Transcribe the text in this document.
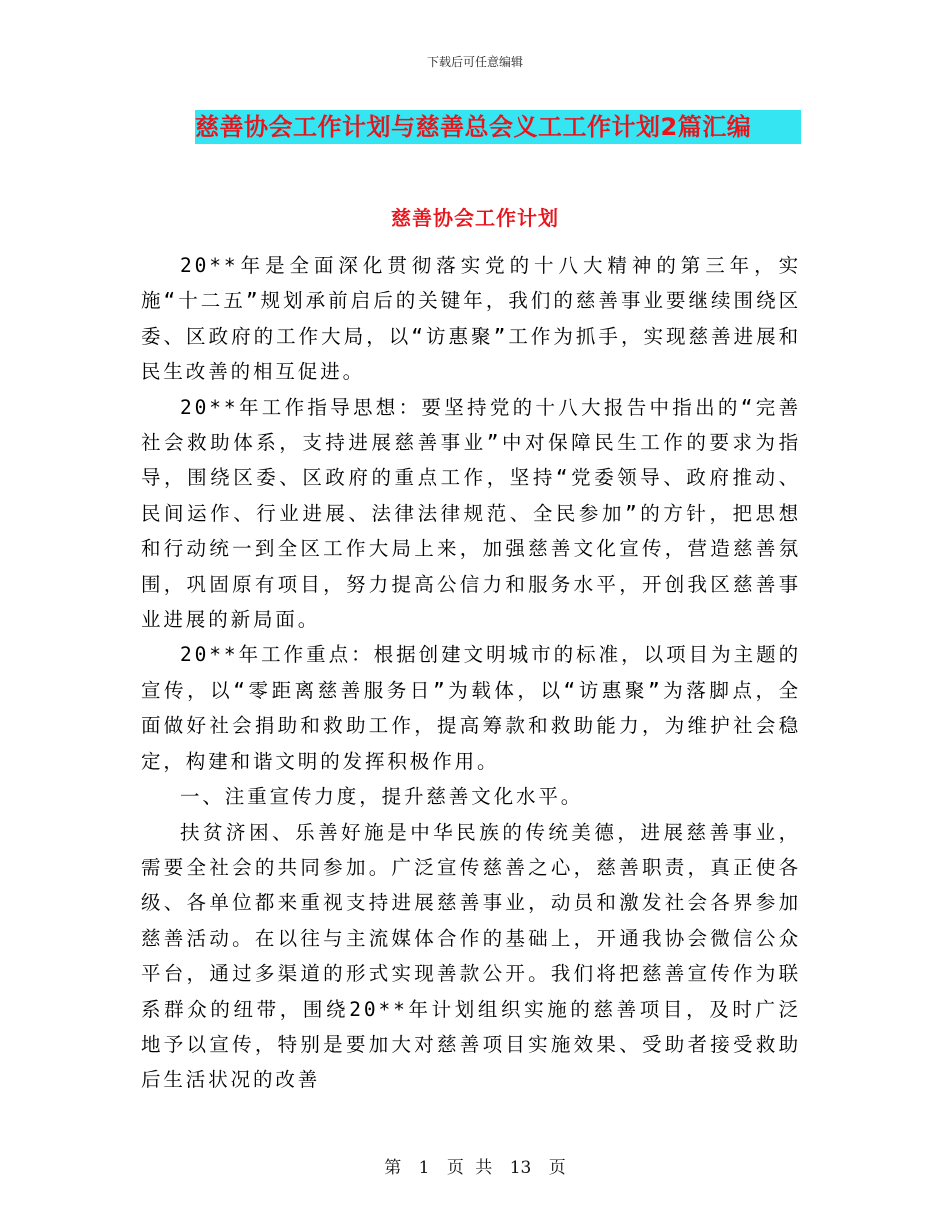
下载后可任意编辑
慈善协会工作计划与慈善总会义工工作计划2篇汇编
慈善协会工作计划

20**年是全面深化贯彻落实党的十八大精神的第三年，实施“十二五”规划承前启后的关键年，我们的慈善事业要继续围绕区委、区政府的工作大局，以“访惠聚”工作为抓手，实现慈善进展和民生改善的相互促进。

20**年工作指导思想：要坚持党的十八大报告中指出的“完善社会救助体系，支持进展慈善事业”中对保障民生工作的要求为指导，围绕区委、区政府的重点工作，坚持“党委领导、政府推动、民间运作、行业进展、法律法律规范、全民参加”的方针，把思想和行动统一到全区工作大局上来，加强慈善文化宣传，营造慈善氛围，巩固原有项目，努力提高公信力和服务水平，开创我区慈善事业进展的新局面。

20**年工作重点：根据创建文明城市的标准，以项目为主题的宣传，以“零距离慈善服务日”为载体，以“访惠聚”为落脚点，全面做好社会捐助和救助工作，提高筹款和救助能力，为维护社会稳定，构建和谐文明的发挥积极作用。

一、注重宣传力度，提升慈善文化水平。

扶贫济困、乐善好施是中华民族的传统美德，进展慈善事业，需要全社会的共同参加。广泛宣传慈善之心，慈善职责，真正使各级、各单位都来重视支持进展慈善事业，动员和激发社会各界参加慈善活动。在以往与主流媒体合作的基础上，开通我协会微信公众平台，通过多渠道的形式实现善款公开。我们将把慈善宣传作为联系群众的纽带，围绕20**年计划组织实施的慈善项目，及时广泛地予以宣传，特别是要加大对慈善项目实施效果、受助者接受救助后生活状况的改善

第 1 页 共 13 页
